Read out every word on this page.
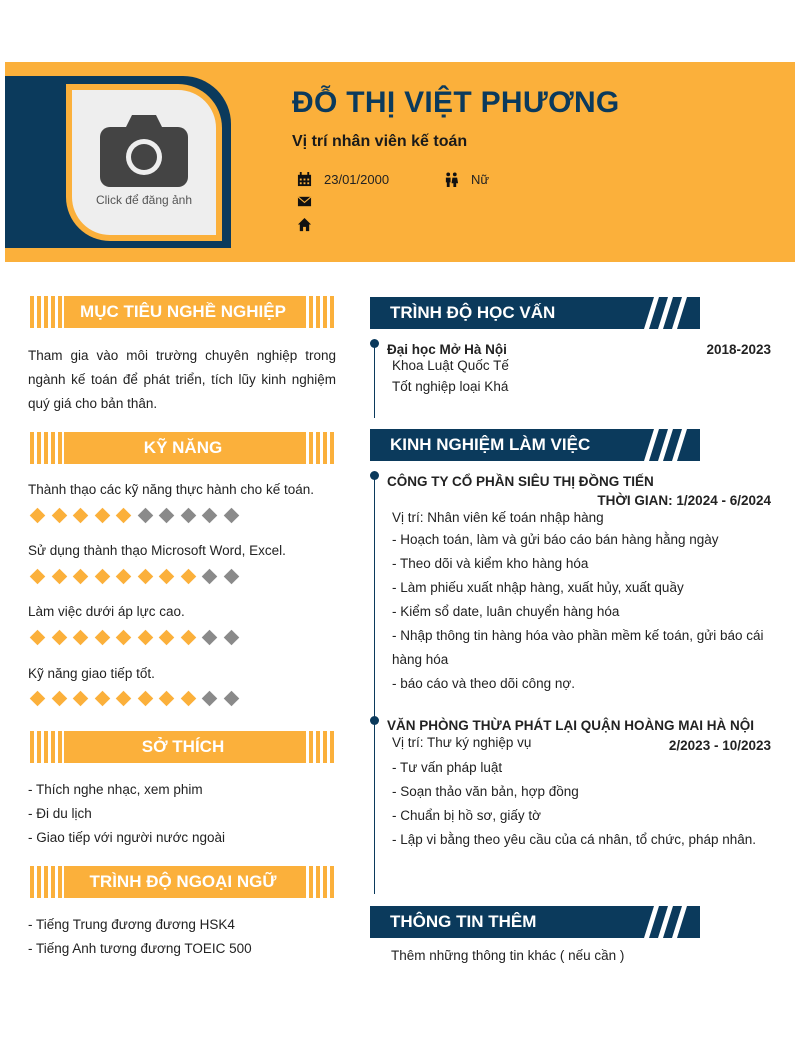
Click để đăng ảnh
ĐỖ THỊ VIỆT PHƯƠNG
Vị trí nhân viên kế toán
23/01/2000	Nữ
MỤC TIÊU NGHỀ NGHIỆP
Tham gia vào môi trường chuyên nghiệp trong ngành kế toán để phát triển, tích lũy kinh nghiệm quý giá cho bản thân.
KỸ NĂNG
Thành thạo các kỹ năng thực hành cho kế toán.
Sử dụng thành thạo Microsoft Word, Excel.
Làm việc dưới áp lực cao.
Kỹ năng giao tiếp tốt.
SỞ THÍCH
- Thích nghe nhạc, xem phim
- Đi du lịch
- Giao tiếp với người nước ngoài
TRÌNH ĐỘ NGOẠI NGỮ
- Tiếng Trung đương đương HSK4
- Tiếng Anh tương đương TOEIC 500
TRÌNH ĐỘ HỌC VẤN
Đại học Mở Hà Nội	2018-2023
Khoa Luật Quốc Tế
Tốt nghiệp loại Khá
KINH NGHIỆM LÀM VIỆC
CÔNG TY CỔ PHẦN SIÊU THỊ ĐỒNG TIẾN
THỜI GIAN: 1/2024 - 6/2024
Vị trí: Nhân viên kế toán nhập hàng
- Hoạch toán, làm và gửi báo cáo bán hàng hằng ngày
- Theo dõi và kiểm kho hàng hóa
- Làm phiếu xuất nhập hàng, xuất hủy, xuất quầy
- Kiểm sổ date, luân chuyển hàng hóa
- Nhập thông tin hàng hóa vào phần mềm kế toán, gửi báo cái
hàng hóa
- báo cáo và theo dõi công nợ.
VĂN PHÒNG THỪA PHÁT LẠI QUẬN HOÀNG MAI HÀ NỘI
Vị trí: Thư ký nghiệp vụ	2/2023 - 10/2023
- Tư vấn pháp luật
- Soạn thảo văn bản, hợp đồng
- Chuẩn bị hồ sơ, giấy tờ
- Lập vi bằng theo yêu cầu của cá nhân, tổ chức, pháp nhân.
THÔNG TIN THÊM
Thêm những thông tin khác ( nếu cần )
